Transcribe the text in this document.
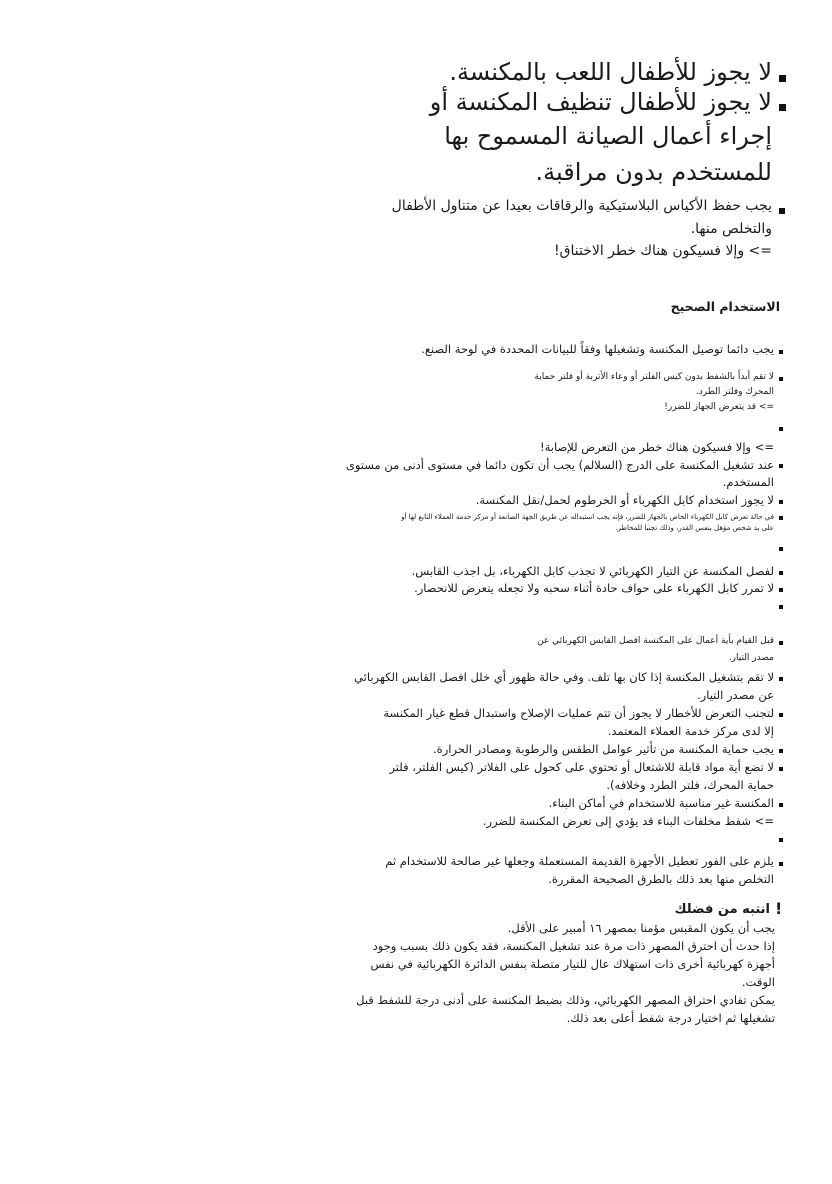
لا يجوز للأطفال اللعب بالمكنسة.
لا يجوز للأطفال تنظيف المكنسة أو
إجراء أعمال الصيانة المسموح بها
للمستخدم بدون مراقبة.
يجب حفظ الأكياس البلاستيكية والرقاقات بعيدا عن متناول الأطفال
والتخلص منها.
=> وإلا فسيكون هناك خطر الاختناق!
الاستخدام الصحيح
يجب دائما توصيل المكنسة وتشغيلها وفقاً للبيانات المحددة في لوحة الصنع.
لا تقم أبداً بالشفط بدون كيس الفلتر أو وعاء الأتربة أو فلتر حماية
المحرك وفلتر الطرد.
=> قد يتعرض الجهاز للضرر!
=> وإلا فسيكون هناك خطر من التعرض للإصابة!
عند تشغيل المكنسة على الدرج (السلالم) يجب أن تكون دائما في مستوى أدنى من مستوى
المستخدم.
لا يجوز استخدام كابل الكهرباء أو الخرطوم لحمل/نقل المكنسة.
في حالة تعرض كابل الكهرباء الخاص بالجهاز للضرر، فإنه يجب استبداله عن طريق الجهة الصانعة أو مركز خدمة العملاء التابع لها أو
على يد شخص مؤهل بنفس القدر، وذلك تجنبا للمخاطر.
لفصل المكنسة عن التيار الكهربائي لا تجذب كابل الكهرباء، بل اجذب القابس.
لا تمرر كابل الكهرباء على حواف حادة أثناء سحبه ولا تجعله يتعرض للانحصار.
قبل القيام بأية أعمال على المكنسة افصل القابس الكهربائي عن
مصدر التيار.
لا تقم بتشغيل المكنسة إذا كان بها تلف. وفي حالة ظهور أي خلل افصل القابس الكهربائي
عن مصدر التيار.
لتجنب التعرض للأخطار لا يجوز أن تتم عمليات الإصلاح واستبدال قطع غيار المكنسة
إلا لدى مركز خدمة العملاء المعتمد.
يجب حماية المكنسة من تأثير عوامل الطقس والرطوبة ومصادر الحرارة.
لا تضع أية مواد قابلة للاشتعال أو تحتوي على كحول على الفلاتر (كيس الفلتر، فلتر
حماية المحرك، فلتر الطرد وخلافه).
المكنسة غير مناسبة للاستخدام في أماكن البناء.
=> شفط مخلفات البناء قد يؤدي إلى تعرض المكنسة للضرر.
يلزم على الفور تعطيل الأجهزة القديمة المستعملة وجعلها غير صالحة للاستخدام ثم
التخلص منها بعد ذلك بالطرق الصحيحة المقررة.
!
انتبه من فضلك
يجب أن يكون المقبس مؤمنا بمصهر ١٦ أمبير على الأقل.
إذا حدث أن احترق المصهر ذات مرة عند تشغيل المكنسة، فقد يكون ذلك بسبب وجود
أجهزة كهربائية أخرى ذات استهلاك عال للتيار متصلة بنفس الدائرة الكهربائية في نفس
الوقت.
يمكن تفادي احتراق المصهر الكهربائي، وذلك بضبط المكنسة على أدنى درجة للشفط قبل
تشغيلها ثم اختيار درجة شفط أعلى بعد ذلك.
